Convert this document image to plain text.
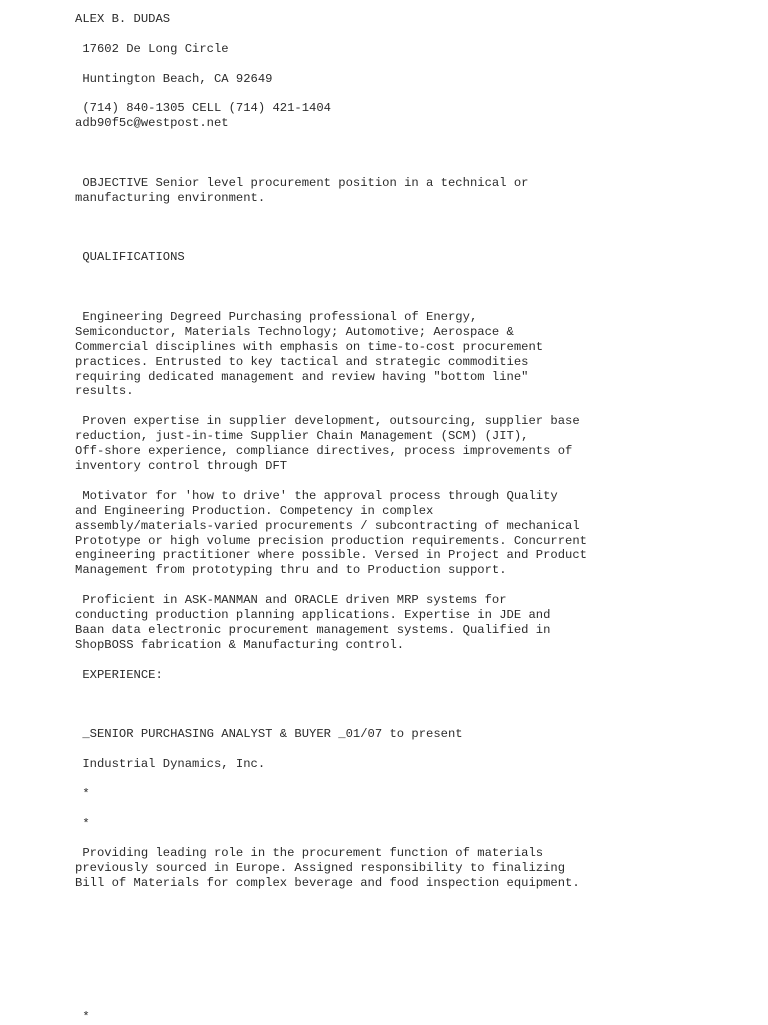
ALEX B. DUDAS
17602 De Long Circle
Huntington Beach, CA 92649
(714) 840-1305 CELL (714) 421-1404
adb90f5c@westpost.net
OBJECTIVE Senior level procurement position in a technical or
manufacturing environment.
QUALIFICATIONS
Engineering Degreed Purchasing professional of Energy,
Semiconductor, Materials Technology; Automotive; Aerospace &
Commercial disciplines with emphasis on time-to-cost procurement
practices. Entrusted to key tactical and strategic commodities
requiring dedicated management and review having "bottom line"
results.
Proven expertise in supplier development, outsourcing, supplier base
reduction, just-in-time Supplier Chain Management (SCM) (JIT),
Off-shore experience, compliance directives, process improvements of
inventory control through DFT
Motivator for 'how to drive' the approval process through Quality
and Engineering Production. Competency in complex
assembly/materials-varied procurements / subcontracting of mechanical
Prototype or high volume precision production requirements. Concurrent
engineering practitioner where possible. Versed in Project and Product
Management from prototyping thru and to Production support.
Proficient in ASK-MANMAN and ORACLE driven MRP systems for
conducting production planning applications. Expertise in JDE and
Baan data electronic procurement management systems. Qualified in
ShopBOSS fabrication & Manufacturing control.
EXPERIENCE:
_SENIOR PURCHASING ANALYST & BUYER _01/07 to present
Industrial Dynamics, Inc.
*
*
Providing leading role in the procurement function of materials
previously sourced in Europe. Assigned responsibility to finalizing
Bill of Materials for complex beverage and food inspection equipment.
*
